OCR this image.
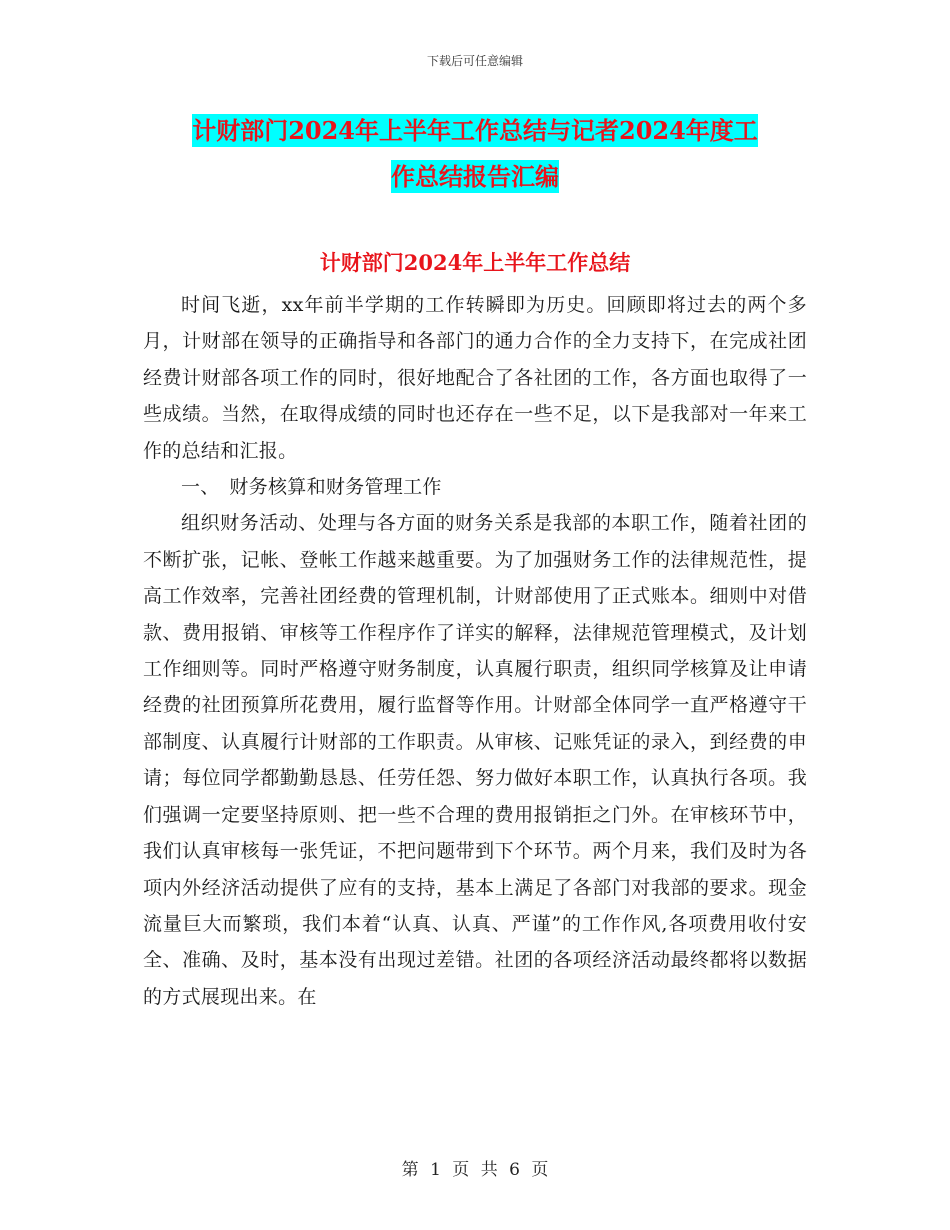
下载后可任意编辑
计财部门2024年上半年工作总结与记者2024年度工
作总结报告汇编
计财部门2024年上半年工作总结

时间飞逝，xx年前半学期的工作转瞬即为历史。回顾即将过去的两个多月，计财部在领导的正确指导和各部门的通力合作的全力支持下，在完成社团经费计财部各项工作的同时，很好地配合了各社团的工作，各方面也取得了一些成绩。当然，在取得成绩的同时也还存在一些不足，以下是我部对一年来工作的总结和汇报。

一、　财务核算和财务管理工作

组织财务活动、处理与各方面的财务关系是我部的本职工作，随着社团的不断扩张，记帐、登帐工作越来越重要。为了加强财务工作的法律规范性，提高工作效率，完善社团经费的管理机制，计财部使用了正式账本。细则中对借款、费用报销、审核等工作程序作了详实的解释，法律规范管理模式，及计划工作细则等。同时严格遵守财务制度，认真履行职责，组织同学核算及让申请经费的社团预算所花费用，履行监督等作用。计财部全体同学一直严格遵守干部制度、认真履行计财部的工作职责。从审核、记账凭证的录入，到经费的申请；每位同学都勤勤恳恳、任劳任怨、努力做好本职工作，认真执行各项。我们强调一定要坚持原则、把一些不合理的费用报销拒之门外。在审核环节中，我们认真审核每一张凭证，不把问题带到下个环节。两个月来，我们及时为各项内外经济活动提供了应有的支持，基本上满足了各部门对我部的要求。现金流量巨大而繁琐，我们本着“认真、认真、严谨”的工作作风,各项费用收付安全、准确、及时，基本没有出现过差错。社团的各项经济活动最终都将以数据的方式展现出来。在

第 1 页 共 6 页
